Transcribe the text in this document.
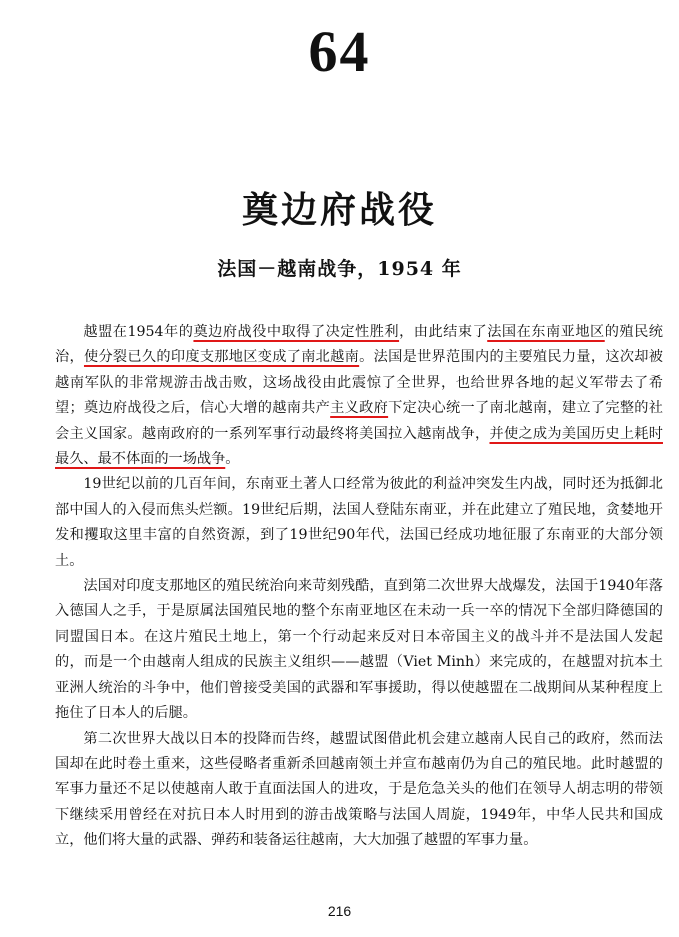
64
奠边府战役
法国－越南战争，1954 年

越盟在1954年的奠边府战役中取得了决定性胜利，由此结束了法国在东南亚地区的殖民统治，使分裂已久的印度支那地区变成了南北越南。法国是世界范围内的主要殖民力量，这次却被越南军队的非常规游击战击败，这场战役由此震惊了全世界，也给世界各地的起义军带去了希望；奠边府战役之后，信心大增的越南共产主义政府下定决心统一了南北越南，建立了完整的社会主义国家。越南政府的一系列军事行动最终将美国拉入越南战争，并使之成为美国历史上耗时最久、最不体面的一场战争。

19世纪以前的几百年间，东南亚土著人口经常为彼此的利益冲突发生内战，同时还为抵御北部中国人的入侵而焦头烂额。19世纪后期，法国人登陆东南亚，并在此建立了殖民地，贪婪地开发和攫取这里丰富的自然资源，到了19世纪90年代，法国已经成功地征服了东南亚的大部分领土。

法国对印度支那地区的殖民统治向来苛刻残酷，直到第二次世界大战爆发，法国于1940年落入德国人之手，于是原属法国殖民地的整个东南亚地区在未动一兵一卒的情况下全部归降德国的同盟国日本。在这片殖民土地上，第一个行动起来反对日本帝国主义的战斗并不是法国人发起的，而是一个由越南人组成的民族主义组织——越盟（Viet Minh）来完成的，在越盟对抗本土亚洲人统治的斗争中，他们曾接受美国的武器和军事援助，得以使越盟在二战期间从某种程度上拖住了日本人的后腿。

第二次世界大战以日本的投降而告终，越盟试图借此机会建立越南人民自己的政府，然而法国却在此时卷土重来，这些侵略者重新杀回越南领土并宣布越南仍为自己的殖民地。此时越盟的军事力量还不足以使越南人敢于直面法国人的进攻，于是危急关头的他们在领导人胡志明的带领下继续采用曾经在对抗日本人时用到的游击战策略与法国人周旋，1949年，中华人民共和国成立，他们将大量的武器、弹药和装备运往越南，大大加强了越盟的军事力量。

216
